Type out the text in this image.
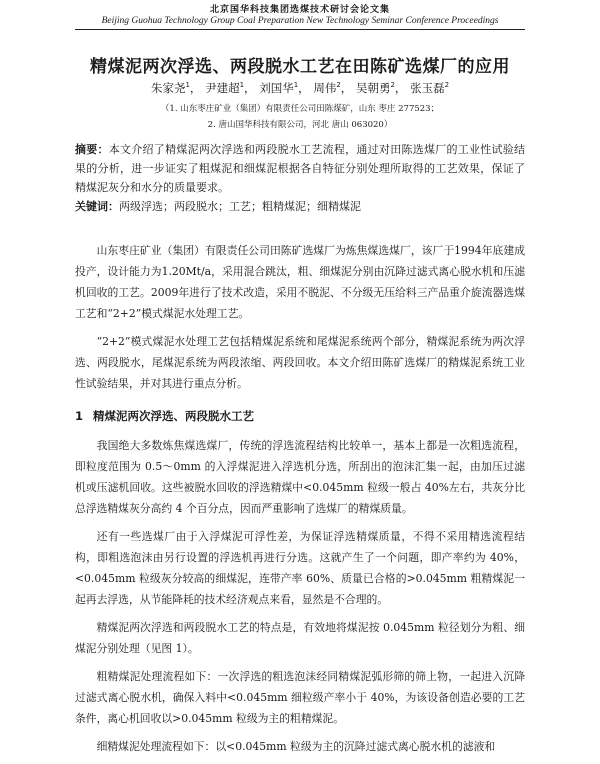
北京国华科技集团选煤技术研讨会论文集
Beijing Guohua Technology Group Coal Preparation New Technology Seminar Conference Proceedings
精煤泥两次浮选、两段脱水工艺在田陈矿选煤厂的应用
朱家尧$^1$， 尹建超$^1$， 刘国华$^1$， 周伟$^2$， 吴朝勇$^2$， 张玉磊$^2$
（1. 山东枣庄矿业（集团）有限责任公司田陈煤矿，山东 枣庄 277523；
2. 唐山国华科技有限公司，河北 唐山 063020）
摘要：本文介绍了精煤泥两次浮选和两段脱水工艺流程，通过对田陈选煤厂的工业性试验结果的分析，进一步证实了粗煤泥和细煤泥根据各自特征分别处理所取得的工艺效果，保证了精煤泥灰分和水分的质量要求。
关键词：两级浮选；两段脱水；工艺；粗精煤泥；细精煤泥

山东枣庄矿业（集团）有限责任公司田陈矿选煤厂为炼焦煤选煤厂，该厂于1994年底建成投产，设计能力为1.20Mt/a，采用混合跳汰，粗、细煤泥分别由沉降过滤式离心脱水机和压滤机回收的工艺。2009年进行了技术改造，采用不脱泥、不分级无压给料三产品重介旋流器选煤工艺和“2+2”模式煤泥水处理工艺。

“2+2”模式煤泥水处理工艺包括精煤泥系统和尾煤泥系统两个部分，精煤泥系统为两次浮选、两段脱水，尾煤泥系统为两段浓缩、两段回收。本文介绍田陈矿选煤厂的精煤泥系统工业性试验结果，并对其进行重点分析。

1 精煤泥两次浮选、两段脱水工艺

我国绝大多数炼焦煤选煤厂，传统的浮选流程结构比较单一，基本上都是一次粗选流程，即粒度范围为 0.5～0mm 的入浮煤泥进入浮选机分选，所刮出的泡沫汇集一起，由加压过滤机或压滤机回收。这些被脱水回收的浮选精煤中<0.045mm 粒级一般占 40%左右，共灰分比总浮选精煤灰分高约 4 个百分点，因而严重影响了选煤厂的精煤质量。

还有一些选煤厂由于入浮煤泥可浮性差，为保证浮选精煤质量，不得不采用精选流程结构，即粗选泡沫由另行设置的浮选机再进行分选。这就产生了一个问题，即产率约为 40%，<0.045mm 粒级灰分较高的细煤泥，连带产率 60%、质量已合格的>0.045mm 粗精煤泥一起再去浮选，从节能降耗的技术经济观点来看，显然是不合理的。

精煤泥两次浮选和两段脱水工艺的特点是，有效地将煤泥按 0.045mm 粒径划分为粗、细煤泥分别处理（见图 1）。

粗精煤泥处理流程如下：一次浮选的粗选泡沫经同精煤泥弧形筛的筛上物，一起进入沉降过滤式离心脱水机，确保入料中<0.045mm 细粒级产率小于 40%，为该设备创造必要的工艺条件，离心机回收以>0.045mm 粒级为主的粗精煤泥。

细精煤泥处理流程如下：以<0.045mm 粒级为主的沉降过滤式离心脱水机的滤液和
